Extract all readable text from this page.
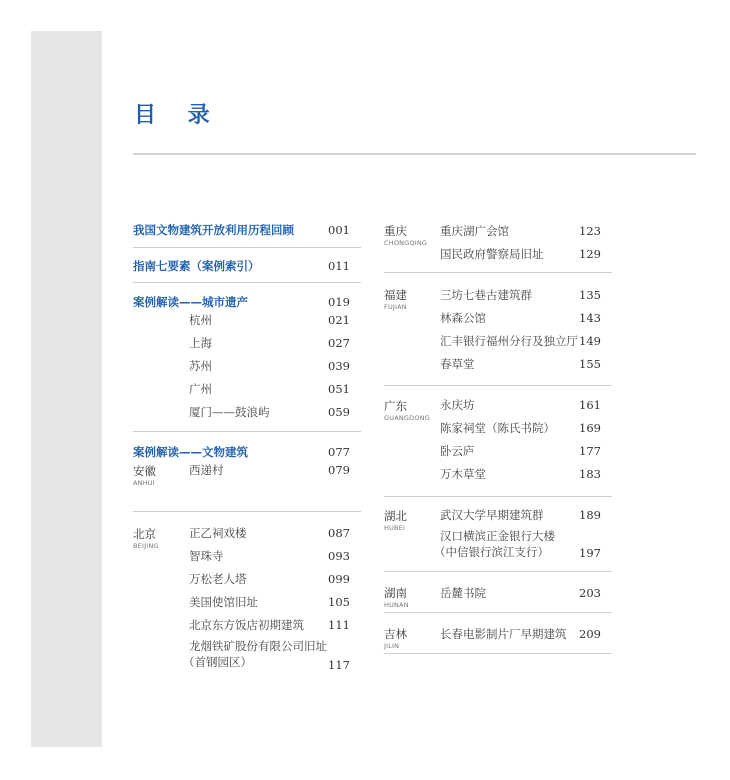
目 录
我国文物建筑开放利用历程回顾	001
指南七要素（案例索引）	011
案例解读——城市遗产	019
杭州	021
上海	027
苏州	039
广州	051
厦门——鼓浪屿	059
案例解读——文物建筑	077
安徽
ANHUI
西递村	079
北京
BEIJING
正乙祠戏楼	087
智珠寺	093
万松老人塔	099
美国使馆旧址	105
北京东方饭店初期建筑	111
龙烟铁矿股份有限公司旧址
（首钢园区）	117
重庆
CHONGQING
重庆湖广会馆	123
国民政府警察局旧址	129
福建
FUJIAN
三坊七巷古建筑群	135
林森公馆	143
汇丰银行福州分行及独立厅 149
春草堂	155
广东
GUANGDONG
永庆坊	161
陈家祠堂（陈氏书院）	169
卧云庐	177
万木草堂	183
湖北
HUBEI
武汉大学早期建筑群	189
汉口横滨正金银行大楼
（中信银行滨江支行）	197
湖南
HUNAN
岳麓书院	203
吉林
JILIN
长春电影制片厂早期建筑	209
